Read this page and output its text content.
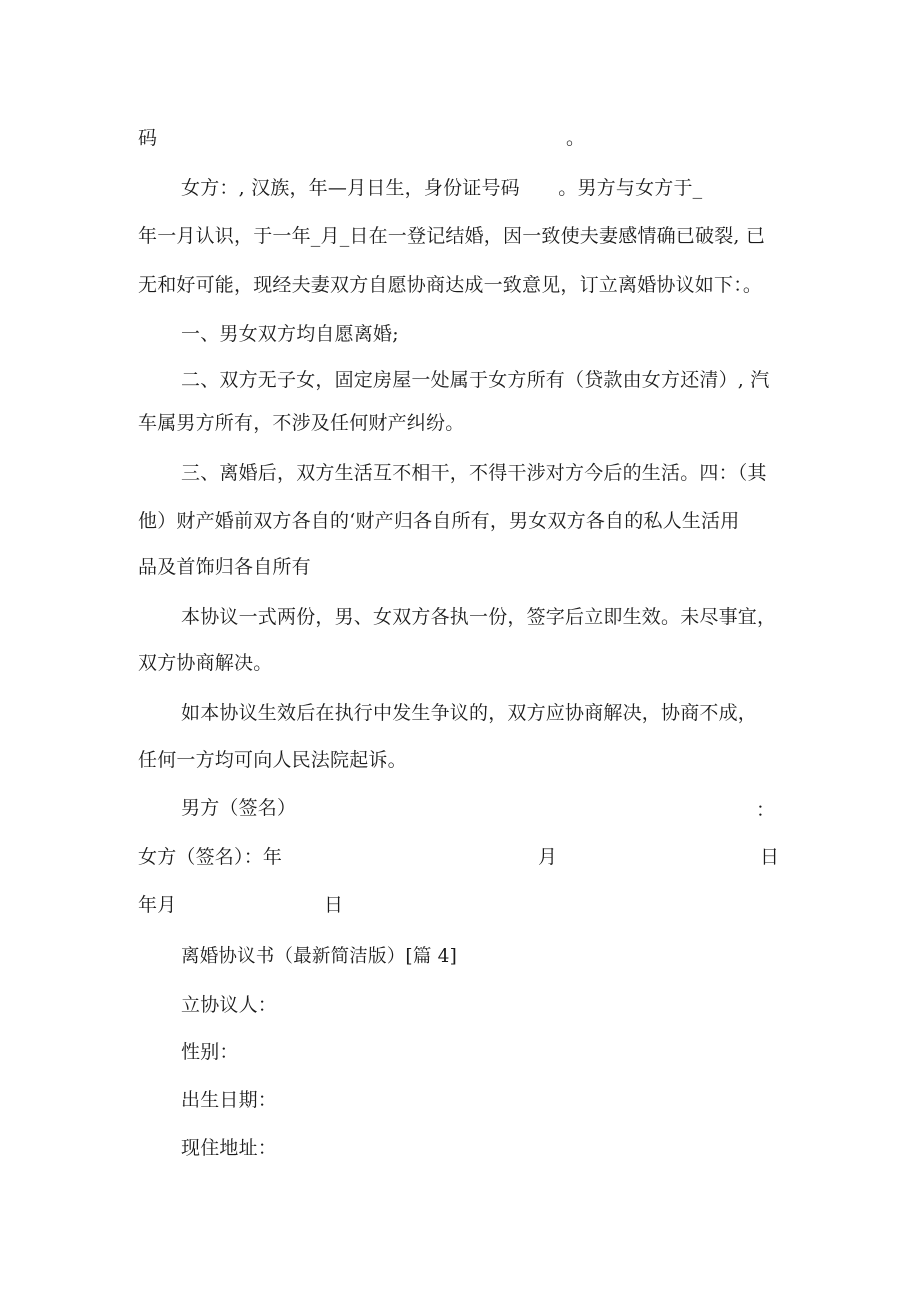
码	。
女方：, 汉族，年—月日生，身份证号码　　。男方与女方于_
年一月认识，于一年_月_日在一登记结婚，因一致使夫妻感情确已破裂, 已
无和好可能，现经夫妻双方自愿协商达成一致意见，订立离婚协议如下：。
一、男女双方均自愿离婚;
二、双方无子女，固定房屋一处属于女方所有（贷款由女方还清）, 汽
车属男方所有，不涉及任何财产纠纷。
三、离婚后，双方生活互不相干，不得干涉对方今后的生活。四：（其
他）财产婚前双方各自的‘财产归各自所有，男女双方各自的私人生活用
品及首饰归各自所有
本协议一式两份，男、女双方各执一份，签字后立即生效。未尽事宜，
双方协商解决。
如本协议生效后在执行中发生争议的，双方应协商解决，协商不成，
任何一方均可向人民法院起诉。
男方（签名）	：
女方（签名）：年	月	日
年月	日
离婚协议书（最新简洁版）[篇 4]
立协议人：
性别：
出生日期：
现住地址：
